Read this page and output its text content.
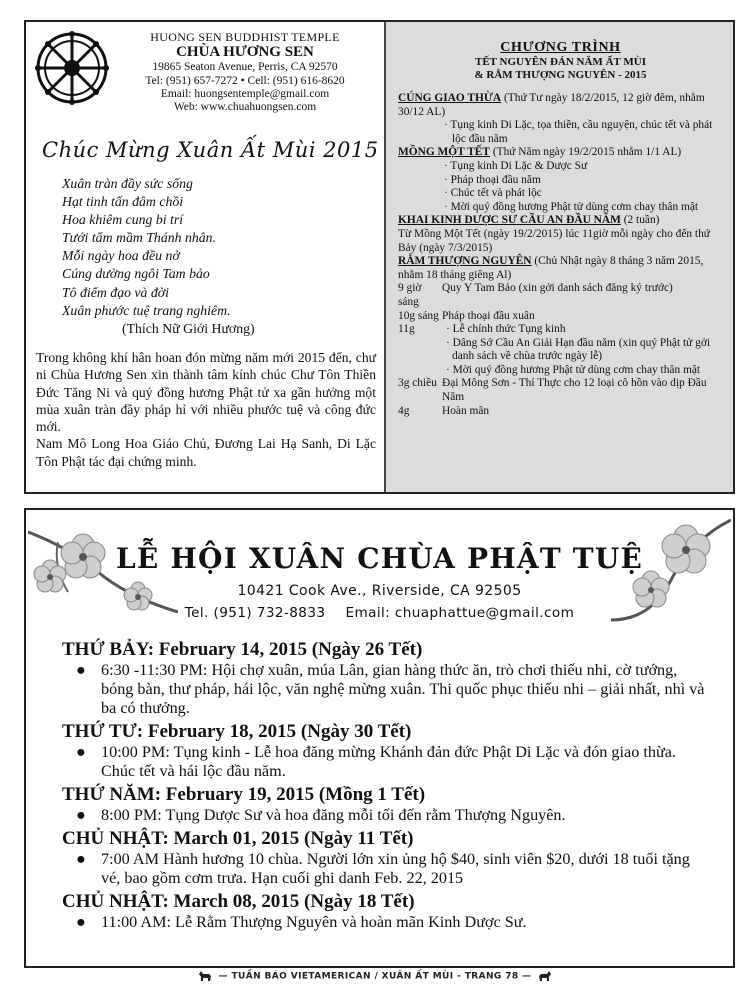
HUONG SEN BUDDHIST TEMPLE
CHÙA HƯƠNG SEN
19865 Seaton Avenue, Perris, CA 92570
Tel: (951) 657-7272 • Cell: (951) 616-8620
Email: huongsentemple@gmail.com
Web: www.chuahuongsen.com
Chúc Mừng Xuân Ất Mùi 2015
Xuân tràn đầy sức sống
Hạt tinh tấn đâm chồi
Hoa khiêm cung bi trí
Tưới tẩm mầm Thánh nhân.
Mỗi ngày hoa đều nở
Cúng dường ngôi Tam bảo
Tô điểm đạo và đời
Xuân phước tuệ trang nghiêm.
(Thích Nữ Giới Hương)
Trong không khí hân hoan đón mừng năm mới 2015 đến, chư ni Chùa Hương Sen xin thành tâm kính chúc Chư Tôn Thiền Đức Tăng Ni và quý đồng hương Phật tử xa gần hưởng một mùa xuân tràn đầy pháp hỉ với nhiều phước tuệ và công đức mới.
Nam Mô Long Hoa Giáo Chủ, Đương Lai Hạ Sanh, Di Lặc Tôn Phật tác đại chứng minh.
CHƯƠNG TRÌNH
TẾT NGUYÊN ĐÁN NĂM ẤT MÙI
& RẰM THƯỢNG NGUYÊN - 2015
CÚNG GIAO THỪA (Thứ Tư ngày 18/2/2015, 12 giờ đêm, nhằm 30/12 AL)
· Tụng kinh Di Lặc, tọa thiền, cầu nguyện, chúc tết và phát lộc đầu năm
MỒNG MỘT TẾT (Thứ Năm ngày 19/2/2015 nhằm 1/1 AL)
· Tụng kinh Di Lặc & Dược Sư
· Pháp thoại đầu năm
· Chúc tết và phát lộc
· Mời quý đồng hương Phật tử dùng cơm chay thân mật
KHAI KINH DƯỢC SƯ CẦU AN ĐẦU NĂM (2 tuần)
Từ Mồng Một Tết (ngày 19/2/2015) lúc 11giờ mỗi ngày cho đến thứ Bảy (ngày 7/3/2015)
RẰM THƯỢNG NGUYÊN (Chủ Nhật ngày 8 tháng 3 năm 2015, nhằm 18 tháng giêng Al)
9 giờ sáng
Quy Y Tam Bảo (xin gởi danh sách đăng ký trước)
10g sáng Pháp thoại đầu xuân
11g	· Lễ chính thức Tụng kinh
· Dâng Sớ Cầu An Giải Hạn đầu năm (xin quý Phật tử gởi danh sách về chùa trước ngày lễ)
· Mời quý đồng hương Phật tử dùng cơm chay thân mật
3g chiều Đại Mông Sơn - Thí Thực cho 12 loại cô hồn vào dịp Đầu Năm
4g	Hoàn mãn
LỄ HỘI XUÂN CHÙA PHẬT TUỆ
10421 Cook Ave., Riverside, CA 92505
Tel. (951) 732-8833 Email: chuaphattue@gmail.com
THỨ BẢY: February 14, 2015 (Ngày 26 Tết)
● 6:30 -11:30 PM: Hội chợ xuân, múa Lân, gian hàng thức ăn, trò chơi thiếu nhi, cờ tướng, bóng bàn, thư pháp, hái lộc, văn nghệ mừng xuân. Thi quốc phục thiếu nhi – giải nhất, nhì và ba có thưởng.
THỨ TƯ: February 18, 2015 (Ngày 30 Tết)
● 10:00 PM: Tụng kinh - Lễ hoa đăng mừng Khánh đản đức Phật Di Lặc và đón giao thừa. Chúc tết và hái lộc đầu năm.
THỨ NĂM: February 19, 2015 (Mồng 1 Tết)
● 8:00 PM: Tụng Dược Sư và hoa đăng mỗi tối đến rằm Thượng Nguyên.
CHỦ NHẬT: March 01, 2015 (Ngày 11 Tết)
● 7:00 AM Hành hương 10 chùa. Người lớn xin ủng hộ $40, sinh viên $20, dưới 18 tuổi tặng vé, bao gồm cơm trưa. Hạn cuối ghi danh Feb. 22, 2015
CHỦ NHẬT: March 08, 2015 (Ngày 18 Tết)
● 11:00 AM: Lễ Rằm Thượng Nguyên và hoàn mãn Kinh Dược Sư.
— TUẦN BÁO VIETAMERICAN / XUÂN ẤT MÙI - TRANG 78 —
